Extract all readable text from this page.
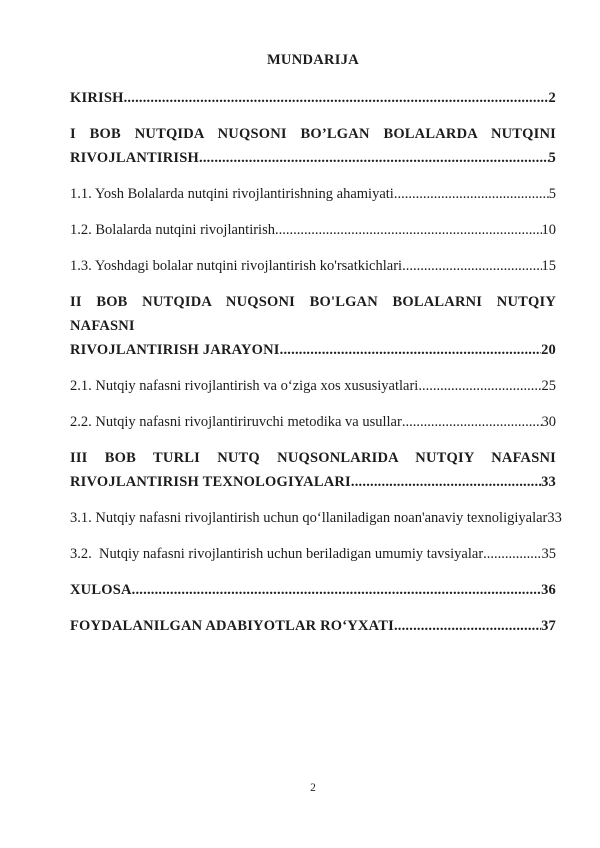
MUNDARIJA
KIRISH .....	2
I BOB NUTQIDA NUQSONI BO’LGAN BOLALARDA NUTQINI
RIVOJLANTIRISH .....	5
1.1. Yosh Bolalarda nutqini rivojlantirishning ahamiyati .....	5
1.2. Bolalarda nutqini rivojlantirish .....	10
1.3. Yoshdagi bolalar nutqini rivojlantirish ko'rsatkichlari .....	15
II BOB NUTQIDA NUQSONI BO'LGAN BOLALARNI NUTQIY NAFASNI
RIVOJLANTIRISH JARAYONI .....	20
2.1. Nutqiy nafasni rivojlantirish va oʻziga xos xususiyatlari .....	25
2.2. Nutqiy nafasni rivojlantiriruvchi metodika va usullar .....	30
III BOB TURLI NUTQ NUQSONLARIDA NUTQIY NAFASNI
RIVOJLANTIRISH TEXNOLOGIYALARI .....	33
3.1. Nutqiy nafasni rivojlantirish uchun qoʻllaniladigan noan'anaviy texnoligiyalar 33
3.2.  Nutqiy nafasni rivojlantirish uchun beriladigan umumiy tavsiyalar .....	35
XULOSA .....	36
FOYDALANILGAN ADABIYOTLAR ROʻYXATI .....	37
2
